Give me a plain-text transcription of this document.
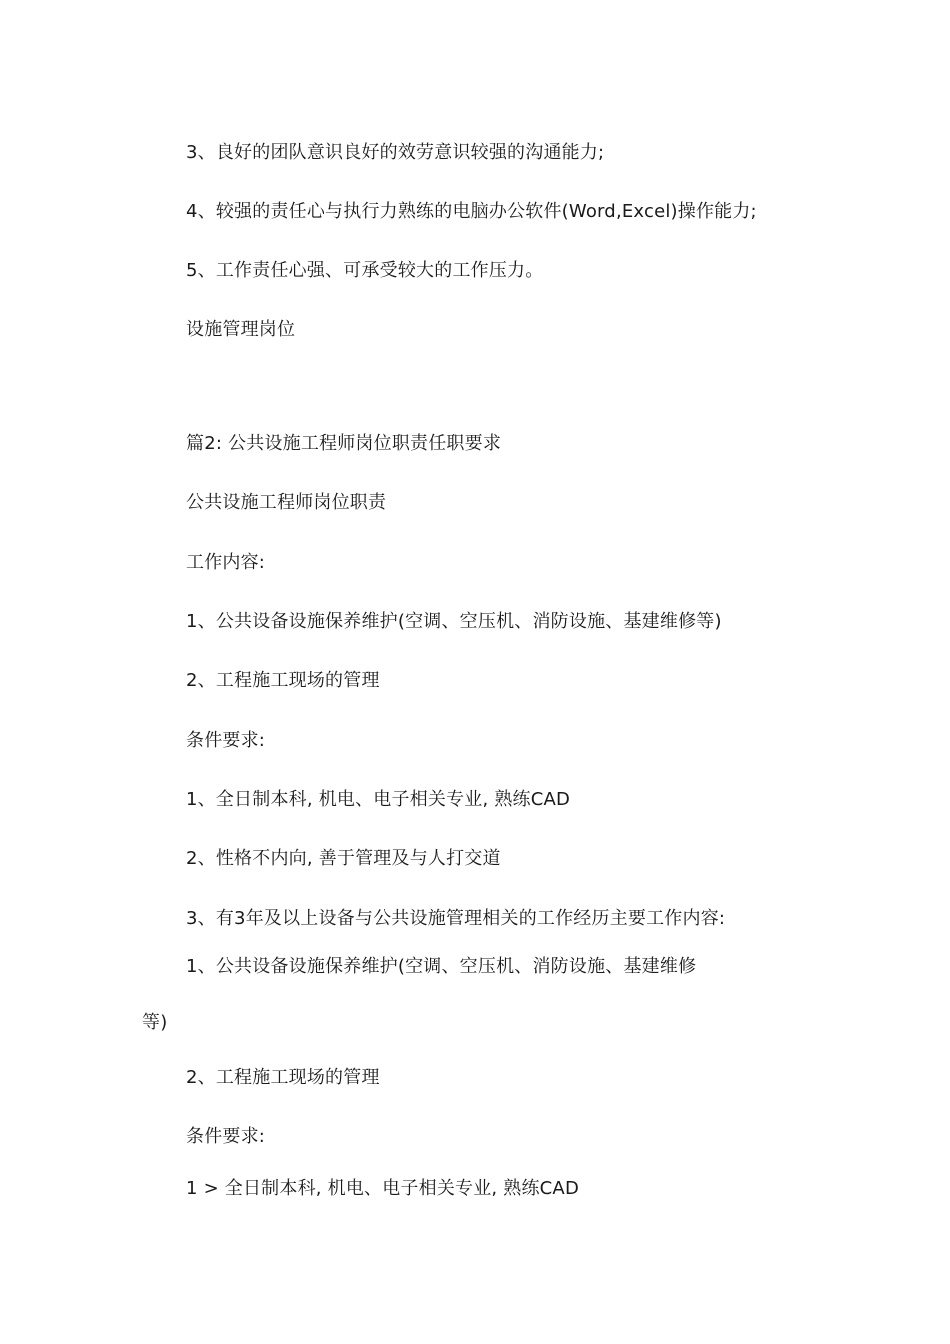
3、良好的团队意识良好的效劳意识较强的沟通能力;
4、较强的责任心与执行力熟练的电脑办公软件(Word,Excel)操作能力;
5、工作责任心强、可承受较大的工作压力。
设施管理岗位
篇2: 公共设施工程师岗位职责任职要求
公共设施工程师岗位职责
工作内容:
1、公共设备设施保养维护(空调、空压机、消防设施、基建维修等)
2、工程施工现场的管理
条件要求:
1、全日制本科, 机电、电子相关专业, 熟练CAD
2、性格不内向, 善于管理及与人打交道
3、有3年及以上设备与公共设施管理相关的工作经历主要工作内容:
1、公共设备设施保养维护(空调、空压机、消防设施、基建维修
等)
2、工程施工现场的管理
条件要求:
1 > 全日制本科, 机电、电子相关专业, 熟练CAD
